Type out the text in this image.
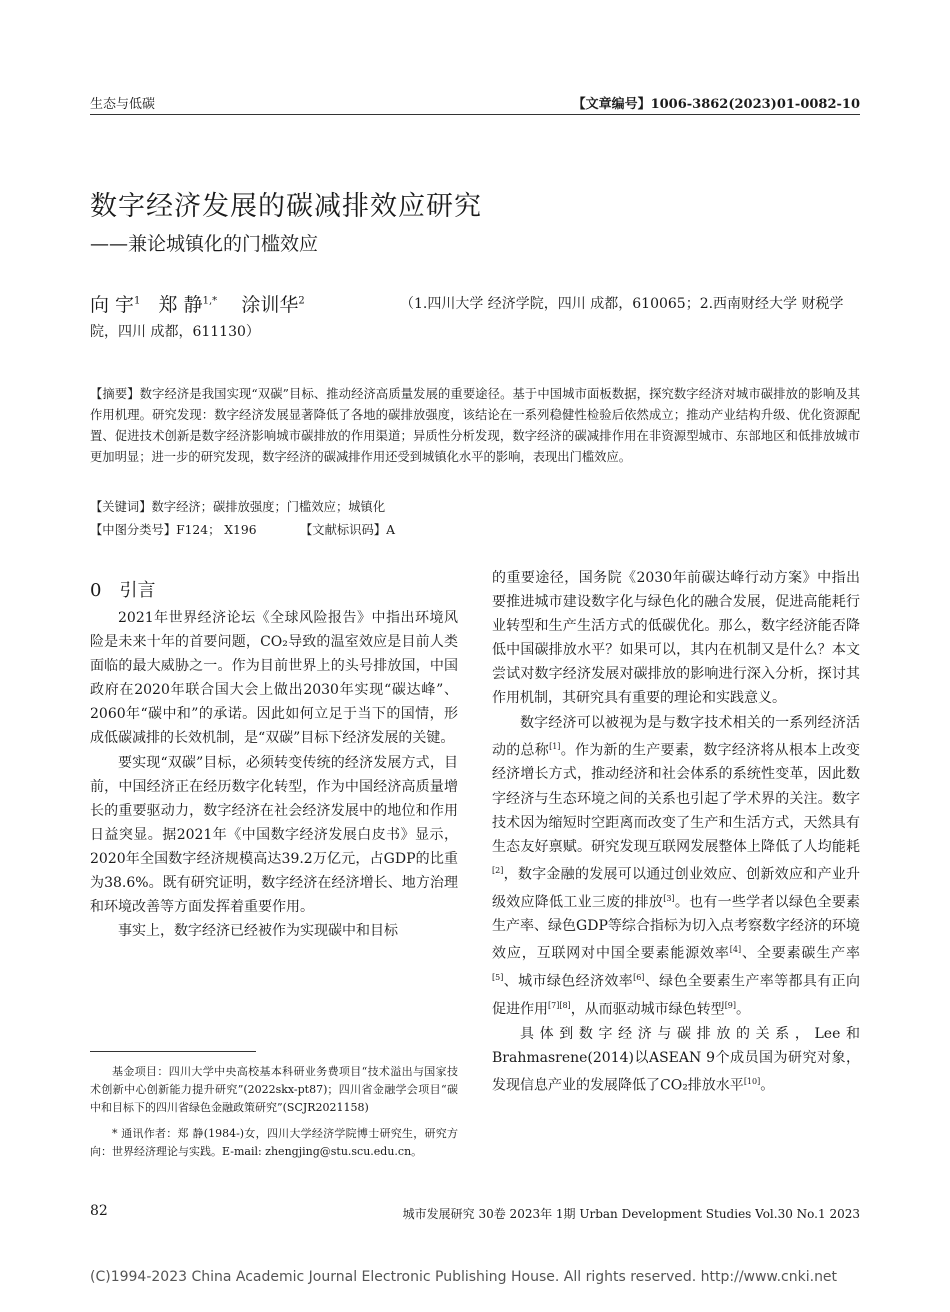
生态与低碳	【文章编号】1006-3862(2023)01-0082-10
数字经济发展的碳减排效应研究
——兼论城镇化的门槛效应
向 宇$^1$ 郑 静$^{1,*}$ 涂训华$^2$	（1.四川大学 经济学院，四川 成都，610065；2.西南财经大学 财税学院，四川 成都，611130）
【摘要】数字经济是我国实现“双碳”目标、推动经济高质量发展的重要途径。基于中国城市面板数据，探究数字经济对城市碳排放的影响及其作用机理。研究发现：数字经济发展显著降低了各地的碳排放强度，该结论在一系列稳健性检验后依然成立；推动产业结构升级、优化资源配置、促进技术创新是数字经济影响城市碳排放的作用渠道；异质性分析发现，数字经济的碳减排作用在非资源型城市、东部地区和低排放城市更加明显；进一步的研究发现，数字经济的碳减排作用还受到城镇化水平的影响，表现出门槛效应。
【关键词】数字经济；碳排放强度；门槛效应；城镇化
【中图分类号】F124； X196	【文献标识码】A
0　引言

2021年世界经济论坛《全球风险报告》中指出环境风险是未来十年的首要问题，CO₂导致的温室效应是目前人类面临的最大威胁之一。作为目前世界上的头号排放国，中国政府在2020年联合国大会上做出2030年实现“碳达峰”、2060年“碳中和”的承诺。因此如何立足于当下的国情，形成低碳减排的长效机制，是“双碳”目标下经济发展的关键。

要实现“双碳”目标，必须转变传统的经济发展方式，目前，中国经济正在经历数字化转型，作为中国经济高质量增长的重要驱动力，数字经济在社会经济发展中的地位和作用日益突显。据2021年《中国数字经济发展白皮书》显示，2020年全国数字经济规模高达39.2万亿元，占GDP的比重为38.6%。既有研究证明，数字经济在经济增长、地方治理和环境改善等方面发挥着重要作用。

事实上，数字经济已经被作为实现碳中和目标

的重要途径，国务院《2030年前碳达峰行动方案》中指出要推进城市建设数字化与绿色化的融合发展，促进高能耗行业转型和生产生活方式的低碳优化。那么，数字经济能否降低中国碳排放水平？如果可以，其内在机制又是什么？本文尝试对数字经济发展对碳排放的影响进行深入分析，探讨其作用机制，其研究具有重要的理论和实践意义。

数字经济可以被视为是与数字技术相关的一系列经济活动的总称[1]。作为新的生产要素，数字经济将从根本上改变经济增长方式，推动经济和社会体系的系统性变革，因此数字经济与生态环境之间的关系也引起了学术界的关注。数字技术因为缩短时空距离而改变了生产和生活方式，天然具有生态友好禀赋。研究发现互联网发展整体上降低了人均能耗[2]，数字金融的发展可以通过创业效应、创新效应和产业升级效应降低工业三废的排放[3]。也有一些学者以绿色全要素生产率、绿色GDP等综合指标为切入点考察数字经济的环境效应，互联网对中国全要素能源效率[4]、全要素碳生产率[5]、城市绿色经济效率[6]、绿色全要素生产率等都具有正向促进作用[7][8]，从而驱动城市绿色转型[9]。

具体到数字经济与碳排放的关系，Lee和Brahmasrene(2014)以ASEAN 9个成员国为研究对象，发现信息产业的发展降低了CO₂排放水平[10]。

基金项目：四川大学中央高校基本科研业务费项目“技术溢出与国家技术创新中心创新能力提升研究”(2022skx-pt87)；四川省金融学会项目“碳中和目标下的四川省绿色金融政策研究”(SCJR2021158)
* 通讯作者：郑 静(1984-)女，四川大学经济学院博士研究生，研究方向：世界经济理论与实践。E-mail: zhengjing@stu.scu.edu.cn。
82	城市发展研究 30卷 2023年 1期 Urban Development Studies Vol.30 No.1 2023
(C)1994-2023 China Academic Journal Electronic Publishing House. All rights reserved. http://www.cnki.net
